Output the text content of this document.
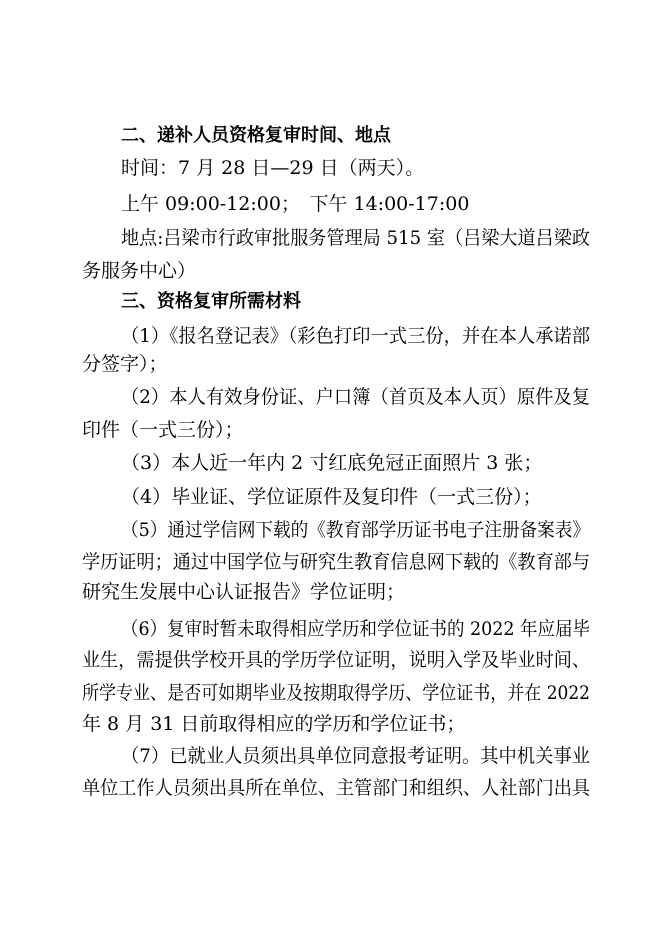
二、递补人员资格复审时间、地点
时间：7 月 28 日—29 日（两天）。
上午 09:00-12:00；　下午 14:00-17:00
地点:吕梁市行政审批服务管理局 515 室（吕梁大道吕梁政
务服务中心）
三、资格复审所需材料
（1）《报名登记表》（彩色打印一式三份，并在本人承诺部
分签字）；
（2）本人有效身份证、户口簿（首页及本人页）原件及复
印件（一式三份）；
（3）本人近一年内 2 寸红底免冠正面照片 3 张；
（4）毕业证、学位证原件及复印件（一式三份）；
（5）通过学信网下载的《教育部学历证书电子注册备案表》
学历证明；通过中国学位与研究生教育信息网下载的《教育部与
研究生发展中心认证报告》学位证明；
（6）复审时暂未取得相应学历和学位证书的 2022 年应届毕
业生，需提供学校开具的学历学位证明，说明入学及毕业时间、
所学专业、是否可如期毕业及按期取得学历、学位证书，并在 2022
年 8 月 31 日前取得相应的学历和学位证书；
（7）已就业人员须出具单位同意报考证明。其中机关事业
单位工作人员须出具所在单位、主管部门和组织、人社部门出具
